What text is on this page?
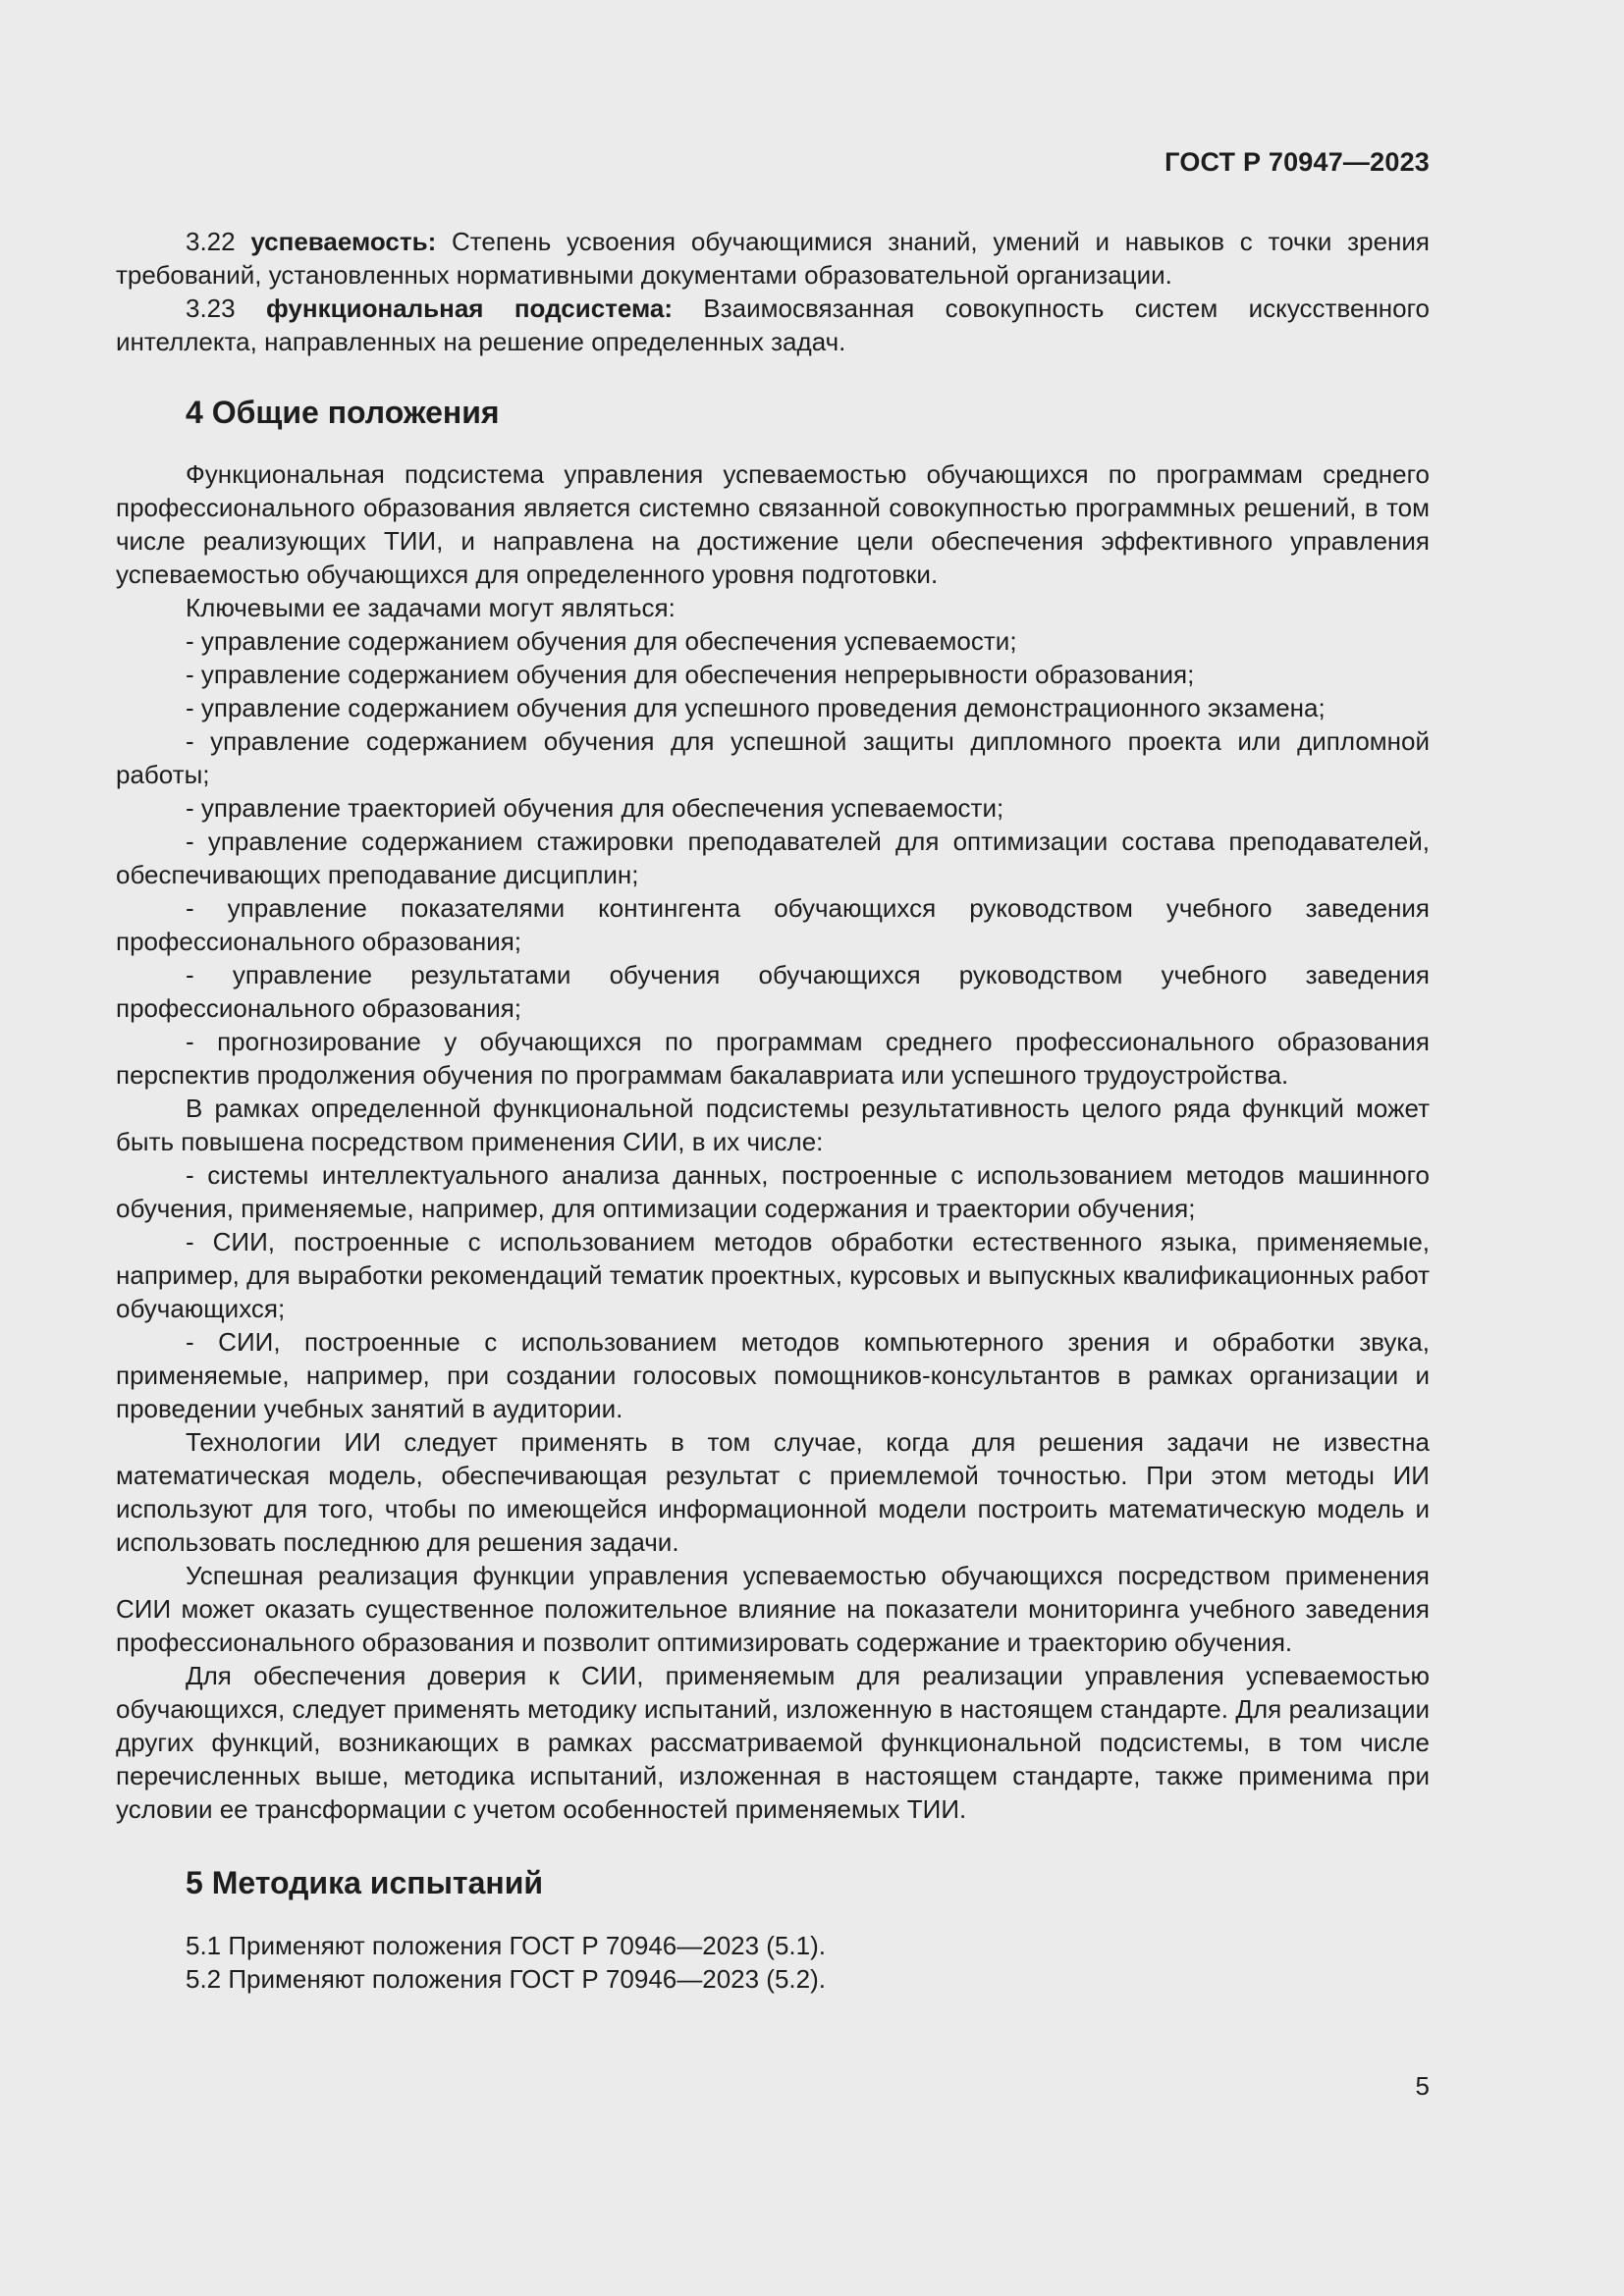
ГОСТ Р 70947—2023

3.22 успеваемость: Степень усвоения обучающимися знаний, умений и навыков с точки зрения требований, установленных нормативными документами образовательной организации.

3.23 функциональная подсистема: Взаимосвязанная совокупность систем искусственного интеллекта, направленных на решение определенных задач.

4 Общие положения

Функциональная подсистема управления успеваемостью обучающихся по программам среднего профессионального образования является системно связанной совокупностью программных решений, в том числе реализующих ТИИ, и направлена на достижение цели обеспечения эффективного управления успеваемостью обучающихся для определенного уровня подготовки.

Ключевыми ее задачами могут являться:

- управление содержанием обучения для обеспечения успеваемости;

- управление содержанием обучения для обеспечения непрерывности образования;

- управление содержанием обучения для успешного проведения демонстрационного экзамена;

- управление содержанием обучения для успешной защиты дипломного проекта или дипломной работы;

- управление траекторией обучения для обеспечения успеваемости;

- управление содержанием стажировки преподавателей для оптимизации состава преподавателей, обеспечивающих преподавание дисциплин;

- управление показателями контингента обучающихся руководством учебного заведения профессионального образования;

- управление результатами обучения обучающихся руководством учебного заведения профессионального образования;

- прогнозирование у обучающихся по программам среднего профессионального образования перспектив продолжения обучения по программам бакалавриата или успешного трудоустройства.

В рамках определенной функциональной подсистемы результативность целого ряда функций может быть повышена посредством применения СИИ, в их числе:

- системы интеллектуального анализа данных, построенные с использованием методов машинного обучения, применяемые, например, для оптимизации содержания и траектории обучения;

- СИИ, построенные с использованием методов обработки естественного языка, применяемые, например, для выработки рекомендаций тематик проектных, курсовых и выпускных квалификационных работ обучающихся;

- СИИ, построенные с использованием методов компьютерного зрения и обработки звука, применяемые, например, при создании голосовых помощников-консультантов в рамках организации и проведении учебных занятий в аудитории.

Технологии ИИ следует применять в том случае, когда для решения задачи не известна математическая модель, обеспечивающая результат с приемлемой точностью. При этом методы ИИ используют для того, чтобы по имеющейся информационной модели построить математическую модель и использовать последнюю для решения задачи.

Успешная реализация функции управления успеваемостью обучающихся посредством применения СИИ может оказать существенное положительное влияние на показатели мониторинга учебного заведения профессионального образования и позволит оптимизировать содержание и траекторию обучения.

Для обеспечения доверия к СИИ, применяемым для реализации управления успеваемостью обучающихся, следует применять методику испытаний, изложенную в настоящем стандарте. Для реализации других функций, возникающих в рамках рассматриваемой функциональной подсистемы, в том числе перечисленных выше, методика испытаний, изложенная в настоящем стандарте, также применима при условии ее трансформации с учетом особенностей применяемых ТИИ.

5 Методика испытаний

5.1 Применяют положения ГОСТ Р 70946—2023 (5.1).

5.2 Применяют положения ГОСТ Р 70946—2023 (5.2).

5
